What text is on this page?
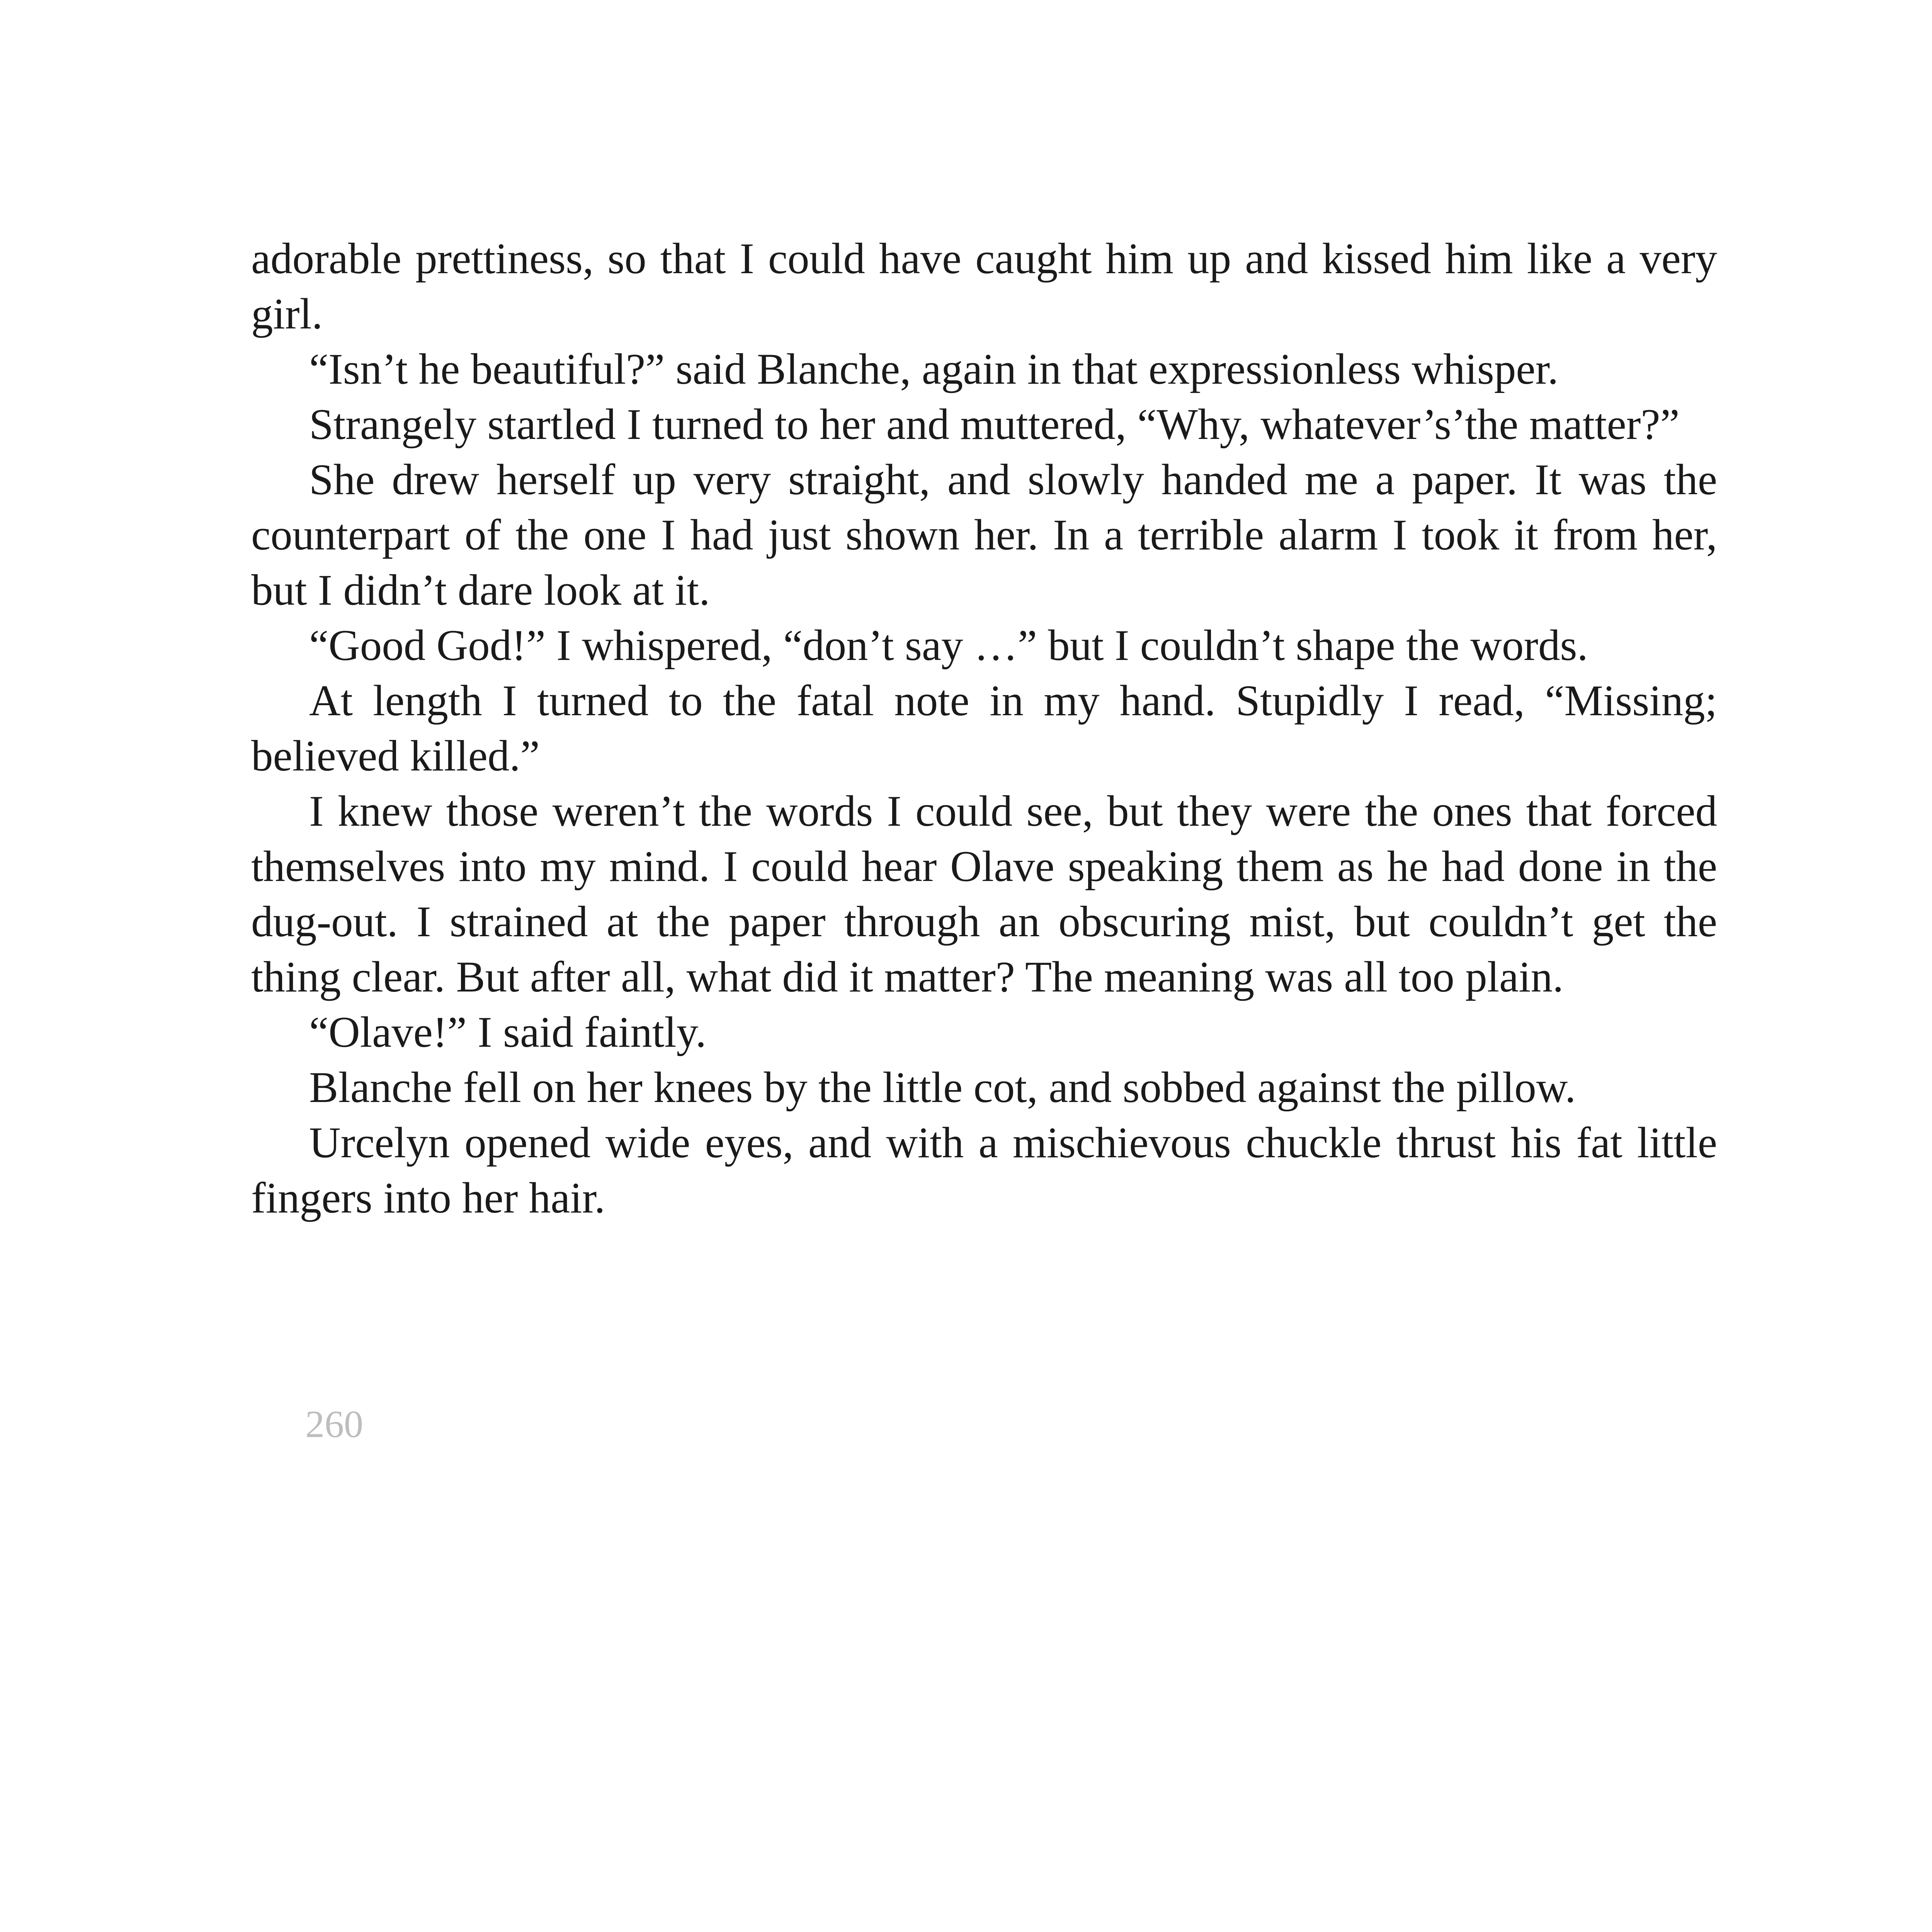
adorable prettiness, so that I could have caught him up and kissed him like a very girl.

“Isn’t he beautiful?” said Blanche, again in that expressionless whisper.

Strangely startled I turned to her and muttered, “Why, whatever’s’the matter?”

She drew herself up very straight, and slowly handed me a paper. It was the counterpart of the one I had just shown her. In a terrible alarm I took it from her, but I didn’t dare look at it.

“Good God!” I whispered, “don’t say …” but I couldn’t shape the words.

At length I turned to the fatal note in my hand. Stupidly I read, “Missing; believed killed.”

I knew those weren’t the words I could see, but they were the ones that forced themselves into my mind. I could hear Olave speaking them as he had done in the dug-out. I strained at the paper through an obscuring mist, but couldn’t get the thing clear. But after all, what did it matter? The meaning was all too plain.

“Olave!” I said faintly.

Blanche fell on her knees by the little cot, and sobbed against the pillow.

Urcelyn opened wide eyes, and with a mischievous chuckle thrust his fat little fingers into her hair.

260
